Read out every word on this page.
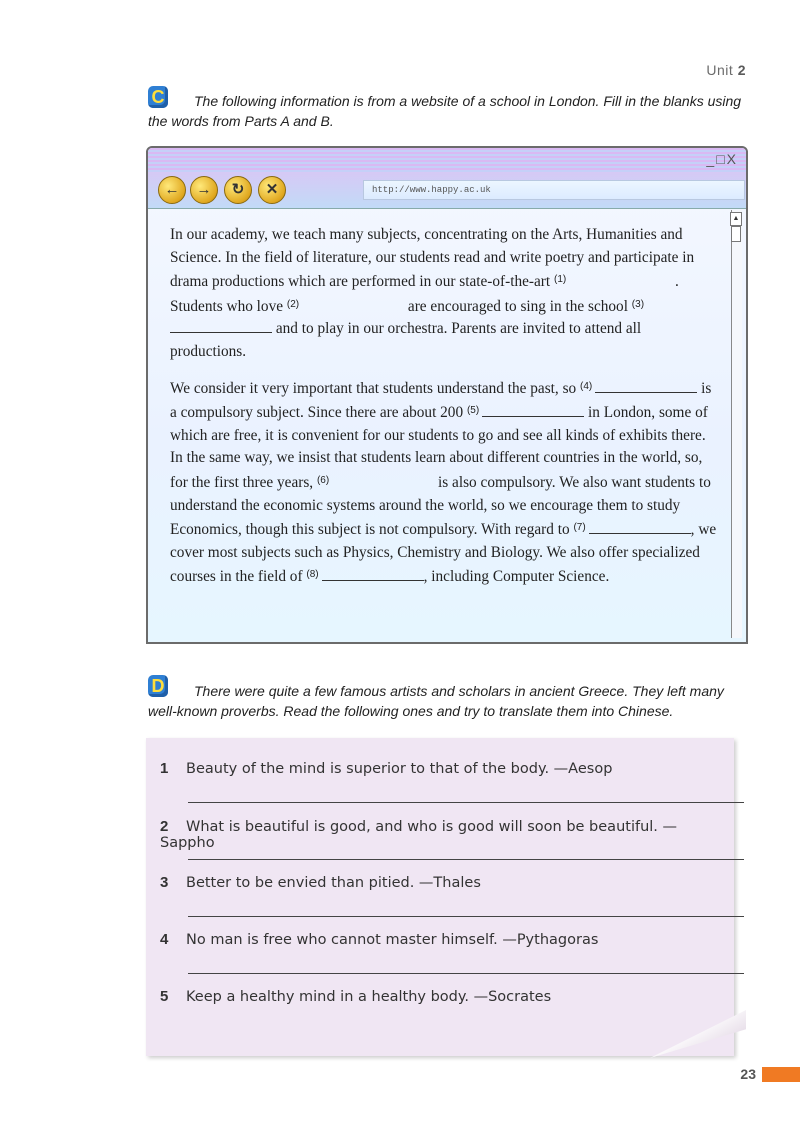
Unit 2
C	The following information is from a website of a school in London. Fill in the blanks using the words from Parts A and B.
_□X
←	→	↻	✕	http://www.happy.ac.uk

In our academy, we teach many subjects, concentrating on the Arts, Humanities and Science. In the field of literature, our students read and write poetry and participate in drama productions which are performed in our state-of-the-art $^{(1)}$	. Students who love $^{(2)}$	are encouraged to sing in the school $^{(3)}$ and to play in our orchestra. Parents are invited to attend all productions.

We consider it very important that students understand the past, so $^{(4)}$	is a compulsory subject. Since there are about 200 $^{(5)}$	in London, some of which are free, it is convenient for our students to go and see all kinds of exhibits there. In the same way, we insist that students learn about different countries in the world, so, for the first three years, $^{(6)}$	is also compulsory. We also want students to understand the economic systems around the world, so we encourage them to study Economics, though this subject is not compulsory. With regard to $^{(7)}$	, we cover most subjects such as Physics, Chemistry and Biology. We also offer specialized courses in the field of $^{(8)}$	, including Computer Science.

▲
D	There were quite a few famous artists and scholars in ancient Greece. They left many well-known proverbs. Read the following ones and try to translate them into Chinese.
1 Beauty of the mind is superior to that of the body. —Aesop
2 What is beautiful is good, and who is good will soon be beautiful. —Sappho
3 Better to be envied than pitied. —Thales
4 No man is free who cannot master himself. —Pythagoras
5 Keep a healthy mind in a healthy body. —Socrates
23
